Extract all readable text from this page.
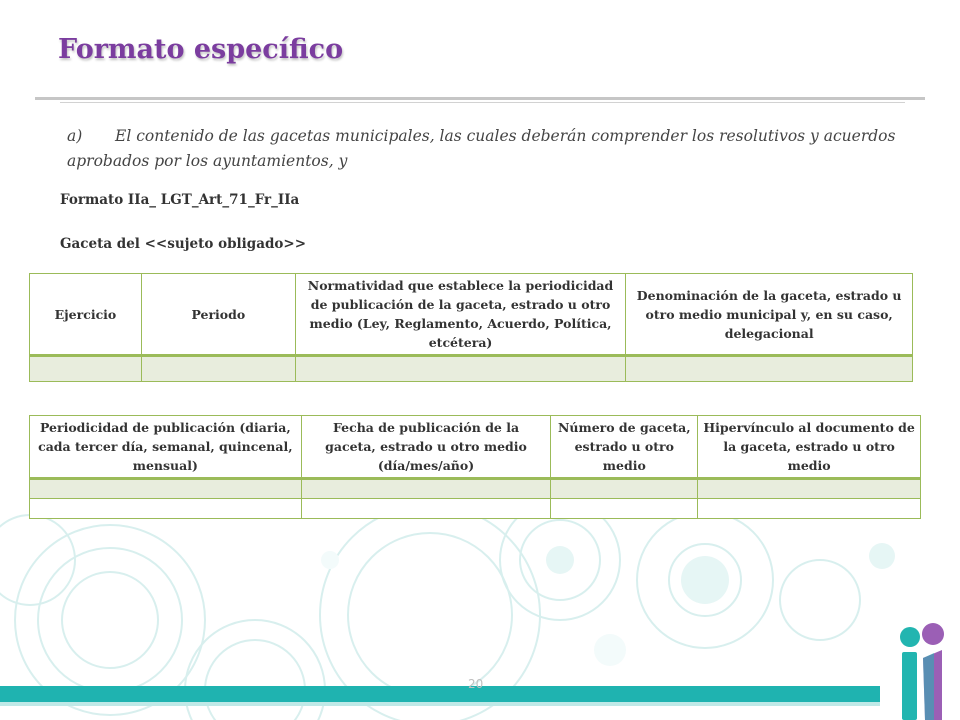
Formato específico
a) El contenido de las gacetas municipales, las cuales deberán comprender los resolutivos y acuerdos aprobados por los ayuntamientos, y
Formato IIa_ LGT_Art_71_Fr_IIa
Gaceta del <<sujeto obligado>>
Ejercicio	Periodo	Normatividad que establece la periodicidad de publicación de la gaceta, estrado u otro medio (Ley, Reglamento, Acuerdo, Política, etcétera)	Denominación de la gaceta, estrado u otro medio municipal y, en su caso, delegacional

Periodicidad de publicación (diaria, cada tercer día, semanal, quincenal, mensual)	Fecha de publicación de la gaceta, estrado u otro medio (día/mes/año)	Número de gaceta, estrado u otro medio	Hipervínculo al documento de la gaceta, estrado u otro medio

20
